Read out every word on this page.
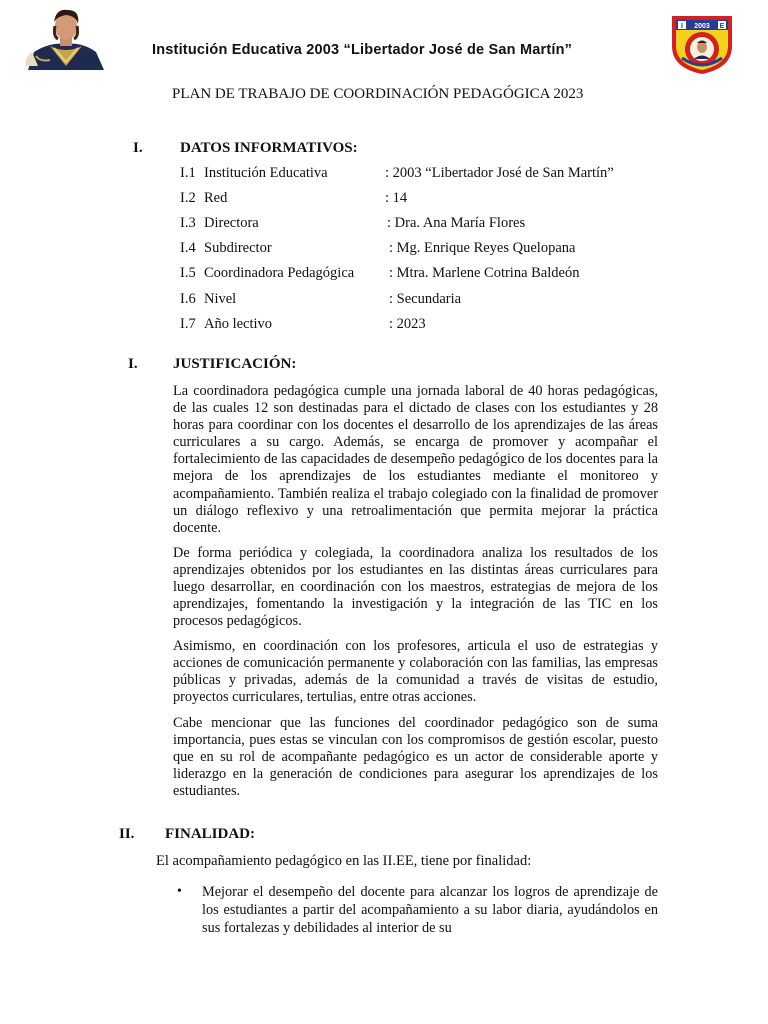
Institución Educativa 2003 “Libertador José de San Martín”
I	E
2003
PLAN DE TRABAJO DE COORDINACIÓN PEDAGÓGICA 2023
I. DATOS INFORMATIVOS:
I.1 Institución Educativa	: 2003 “Libertador José de San Martín”
I.2 Red	: 14
I.3 Directora	: Dra. Ana María Flores
I.4 Subdirector	: Mg. Enrique Reyes Quelopana
I.5 Coordinadora Pedagógica : Mtra. Marlene Cotrina Baldeón
I.6 Nivel	: Secundaria
I.7 Año lectivo	: 2023
I. JUSTIFICACIÓN:

La coordinadora pedagógica cumple una jornada laboral de 40 horas pedagógicas, de las cuales 12 son destinadas para el dictado de clases con los estudiantes y 28 horas para coordinar con los docentes el desarrollo de los aprendizajes de las áreas curriculares a su cargo. Además, se encarga de promover y acompañar el fortalecimiento de las capacidades de desempeño pedagógico de los docentes para la mejora de los aprendizajes de los estudiantes mediante el monitoreo y acompañamiento. También realiza el trabajo colegiado con la finalidad de promover un diálogo reflexivo y una retroalimentación que permita mejorar la práctica docente.

De forma periódica y colegiada, la coordinadora analiza los resultados de los aprendizajes obtenidos por los estudiantes en las distintas áreas curriculares para luego desarrollar, en coordinación con los maestros, estrategias de mejora de los aprendizajes, fomentando la investigación y la integración de las TIC en los procesos pedagógicos.

Asimismo, en coordinación con los profesores, articula el uso de estrategias y acciones de comunicación permanente y colaboración con las familias, las empresas públicas y privadas, además de la comunidad a través de visitas de estudio, proyectos curriculares, tertulias, entre otras acciones.

Cabe mencionar que las funciones del coordinador pedagógico son de suma importancia, pues estas se vinculan con los compromisos de gestión escolar, puesto que en su rol de acompañante pedagógico es un actor de considerable aporte y liderazgo en la generación de condiciones para asegurar los aprendizajes de los estudiantes.

II. FINALIDAD:
El acompañamiento pedagógico en las II.EE, tiene por finalidad:
• Mejorar el desempeño del docente para alcanzar los logros de aprendizaje de los estudiantes a partir del acompañamiento a su labor diaria, ayudándolos en sus fortalezas y debilidades al interior de su
